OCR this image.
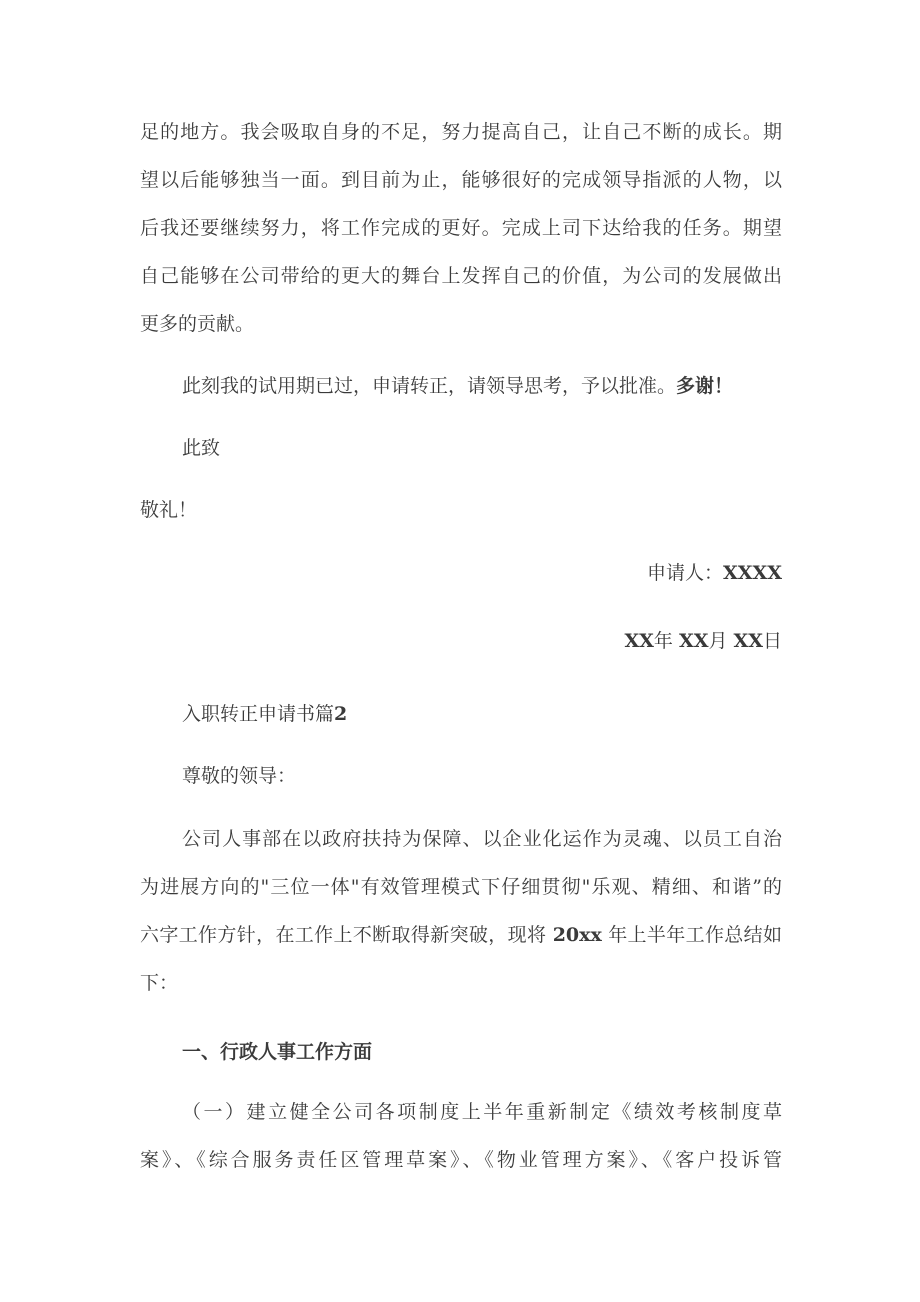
足的地方。我会吸取自身的不足，努力提高自己，让自己不断的成长。期
望以后能够独当一面。到目前为止，能够很好的完成领导指派的人物，以
后我还要继续努力，将工作完成的更好。完成上司下达给我的任务。期望
自己能够在公司带给的更大的舞台上发挥自己的价值，为公司的发展做出
更多的贡献。
此刻我的试用期已过，申请转正，请领导思考，予以批准。多谢！
此致
敬礼！
申请人：XXXX
XX年 XX月 XX日
入职转正申请书篇2
尊敬的领导：
公司人事部在以政府扶持为保障、以企业化运作为灵魂、以员工自治
为进展方向的"三位一体"有效管理模式下仔细贯彻"乐观、精细、和谐”的
六字工作方针，在工作上不断取得新突破，现将 20xx 年上半年工作总结如
下：
一、行政人事工作方面
（一）建立健全公司各项制度上半年重新制定《绩效考核制度草
案》、《综合服务责任区管理草案》、《物业管理方案》、《客户投诉管
